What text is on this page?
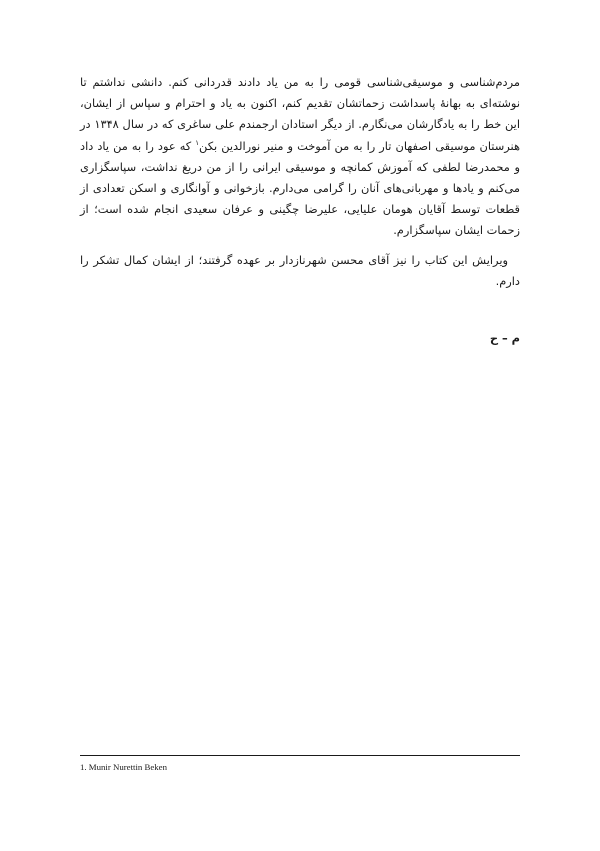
مردم‌شناسی و موسیقی‌شناسی قومی را به من یاد دادند قدردانی کنم. دانشی نداشتم تا نوشته‌ای به بهانهٔ پاسداشت زحماتشان تقدیم کنم، اکنون به یاد و احترام و سپاس از ایشان، این خط را به یادگارشان می‌نگارم. از دیگر استادان ارجمندم علی ساغری که در سال ۱۳۴۸ در هنرستان موسیقی اصفهان تار را به من آموخت و منیر نورالدین بکن$^۱$ که عود را به من یاد داد و محمدرضا لطفی که آموزش کمانچه و موسیقی ایرانی را از من دریغ نداشت، سپاسگزاری می‌کنم و یادها و مهربانی‌های آنان را گرامی می‌دارم. بازخوانی و آوانگاری و اسکن تعدادی از قطعات توسط آقایان هومان علیایی، علیرضا چگینی و عرفان سعیدی انجام شده است؛ از زحمات ایشان سپاسگزارم.

ویرایش این کتاب را نیز آقای محسن شهرنازدار بر عهده گرفتند؛ از ایشان کمال تشکر را دارم.

م – ح
1. Munir Nurettin Beken
